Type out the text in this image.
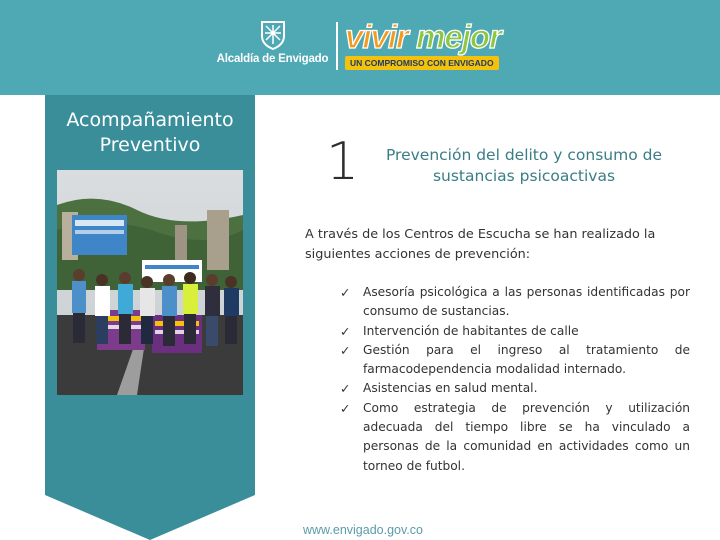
Alcaldía de Envigado
vivir mejor
UN COMPROMISO CON ENVIGADO
Acompañamiento
Preventivo	1	Prevención del delito y consumo de
sustancias psicoactivas

A través de los Centros de Escucha se han realizado la siguientes acciones de prevención:

✓ Asesoría psicológica a las personas identificadas por consumo de sustancias.
✓ Intervención de habitantes de calle
✓ Gestión para el ingreso al tratamiento de farmacodependencia modalidad internado.
✓ Asistencias en salud mental.
✓ Como estrategia de prevención y utilización adecuada del tiempo libre se ha vinculado a personas de la comunidad en actividades como un torneo de futbol.
www.envigado.gov.co
